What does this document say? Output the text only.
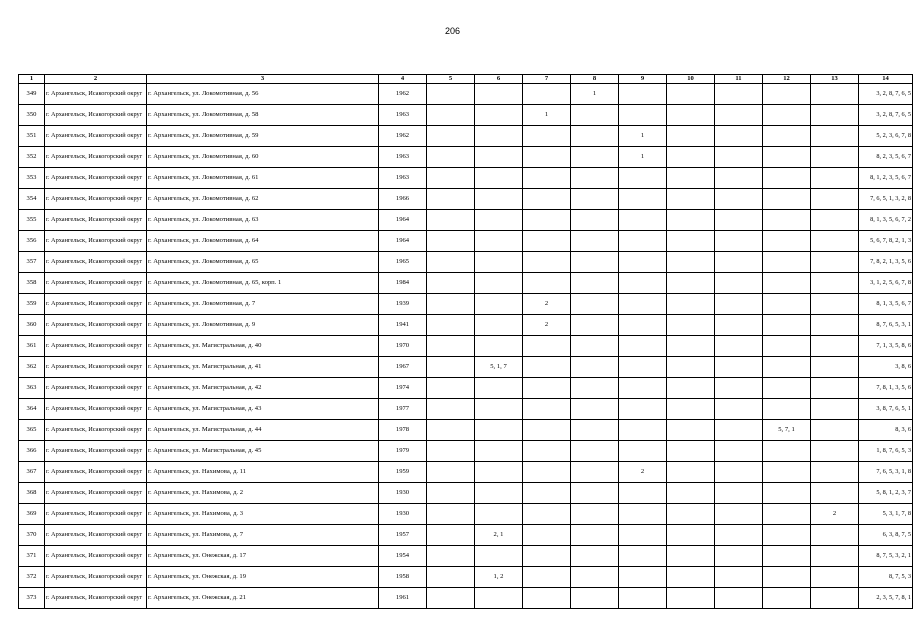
206
1	2	3	4	5	6	7	8	9	10	11	12	13	14
349	г. Архангельск, Исакогорский округ	г. Архангельск, ул. Локомотивная, д. 56	1962				1						3, 2, 8, 7, 6, 5
350	г. Архангельск, Исакогорский округ	г. Архангельск, ул. Локомотивная, д. 58	1963			1							3, 2, 8, 7, 6, 5
351	г. Архангельск, Исакогорский округ	г. Архангельск, ул. Локомотивная, д. 59	1962					1					5, 2, 3, 6, 7, 8
352	г. Архангельск, Исакогорский округ	г. Архангельск, ул. Локомотивная, д. 60	1963					1					8, 2, 3, 5, 6, 7
353	г. Архангельск, Исакогорский округ	г. Архангельск, ул. Локомотивная, д. 61	1963										8, 1, 2, 3, 5, 6, 7
354	г. Архангельск, Исакогорский округ	г. Архангельск, ул. Локомотивная, д. 62	1966										7, 6, 5, 1, 3, 2, 8
355	г. Архангельск, Исакогорский округ	г. Архангельск, ул. Локомотивная, д. 63	1964										8, 1, 3, 5, 6, 7, 2
356	г. Архангельск, Исакогорский округ	г. Архангельск, ул. Локомотивная, д. 64	1964										5, 6, 7, 8, 2, 1, 3
357	г. Архангельск, Исакогорский округ	г. Архангельск, ул. Локомотивная, д. 65	1965										7, 8, 2, 1, 3, 5, 6
358	г. Архангельск, Исакогорский округ	г. Архангельск, ул. Локомотивная, д. 65, корп. 1	1984										3, 1, 2, 5, 6, 7, 8
359	г. Архангельск, Исакогорский округ	г. Архангельск, ул. Локомотивная, д. 7	1939			2							8, 1, 3, 5, 6, 7
360	г. Архангельск, Исакогорский округ	г. Архангельск, ул. Локомотивная, д. 9	1941			2							8, 7, 6, 5, 3, 1
361	г. Архангельск, Исакогорский округ	г. Архангельск, ул. Магистральная, д. 40	1970										7, 1, 3, 5, 8, 6
362	г. Архангельск, Исакогорский округ	г. Архангельск, ул. Магистральная, д. 41	1967		5, 1, 7								3, 8, 6
363	г. Архангельск, Исакогорский округ	г. Архангельск, ул. Магистральная, д. 42	1974										7, 8, 1, 3, 5, 6
364	г. Архангельск, Исакогорский округ	г. Архангельск, ул. Магистральная, д. 43	1977										3, 8, 7, 6, 5, 1
365	г. Архангельск, Исакогорский округ	г. Архангельск, ул. Магистральная, д. 44	1978								5, 7, 1		8, 3, 6
366	г. Архангельск, Исакогорский округ	г. Архангельск, ул. Магистральная, д. 45	1979										1, 8, 7, 6, 5, 3
367	г. Архангельск, Исакогорский округ	г. Архангельск, ул. Нахимова, д. 11	1959					2					7, 6, 5, 3, 1, 8
368	г. Архангельск, Исакогорский округ	г. Архангельск, ул. Нахимова, д. 2	1930										5, 8, 1, 2, 3, 7
369	г. Архангельск, Исакогорский округ	г. Архангельск, ул. Нахимова, д. 3	1930									2	5, 3, 1, 7, 8
370	г. Архангельск, Исакогорский округ	г. Архангельск, ул. Нахимова, д. 7	1957		2, 1								6, 3, 8, 7, 5
371	г. Архангельск, Исакогорский округ	г. Архангельск, ул. Онежская, д. 17	1954										8, 7, 5, 3, 2, 1
372	г. Архангельск, Исакогорский округ	г. Архангельск, ул. Онежская, д. 19	1958		1, 2								8, 7, 5, 3
373	г. Архангельск, Исакогорский округ	г. Архангельск, ул. Онежская, д. 21	1961										2, 3, 5, 7, 8, 1
